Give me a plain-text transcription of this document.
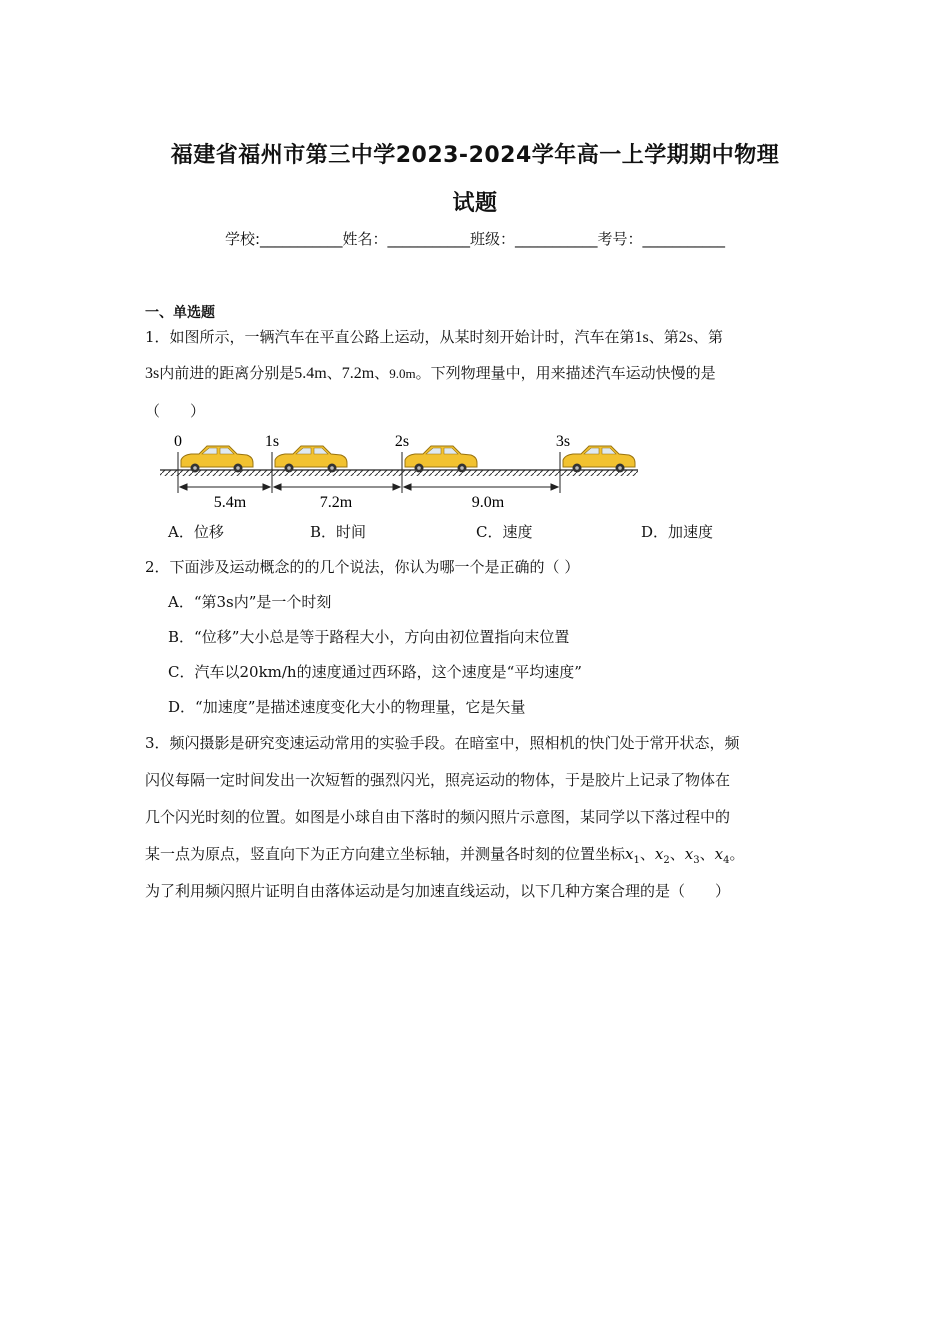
福建省福州市第三中学2023-2024学年高一上学期期中物理
试题
学校:___________姓名：___________班级：___________考号：___________
一、单选题
1．如图所示，一辆汽车在平直公路上运动，从某时刻开始计时，汽车在第1s、第2s、第
3s内前进的距离分别是5.4m、7.2m、9.0m。下列物理量中，用来描述汽车运动快慢的是
（　　）
0	1s	2s	3s
5.4m	7.2m	9.0m
A．位移	B．时间	C．速度	D．加速度
2．下面涉及运动概念的的几个说法，你认为哪一个是正确的（ ）
A．“第3s内”是一个时刻
B．“位移”大小总是等于路程大小，方向由初位置指向末位置
C．汽车以20km/h的速度通过西环路，这个速度是“平均速度”
D．“加速度”是描述速度变化大小的物理量，它是矢量
3．频闪摄影是研究变速运动常用的实验手段。在暗室中，照相机的快门处于常开状态，频
闪仪每隔一定时间发出一次短暂的强烈闪光，照亮运动的物体，于是胶片上记录了物体在
几个闪光时刻的位置。如图是小球自由下落时的频闪照片示意图，某同学以下落过程中的
某一点为原点，竖直向下为正方向建立坐标轴，并测量各时刻的位置坐标$x_1$、$x_2$、$x_3$、$x_4$。
为了利用频闪照片证明自由落体运动是匀加速直线运动，以下几种方案合理的是（　　）
